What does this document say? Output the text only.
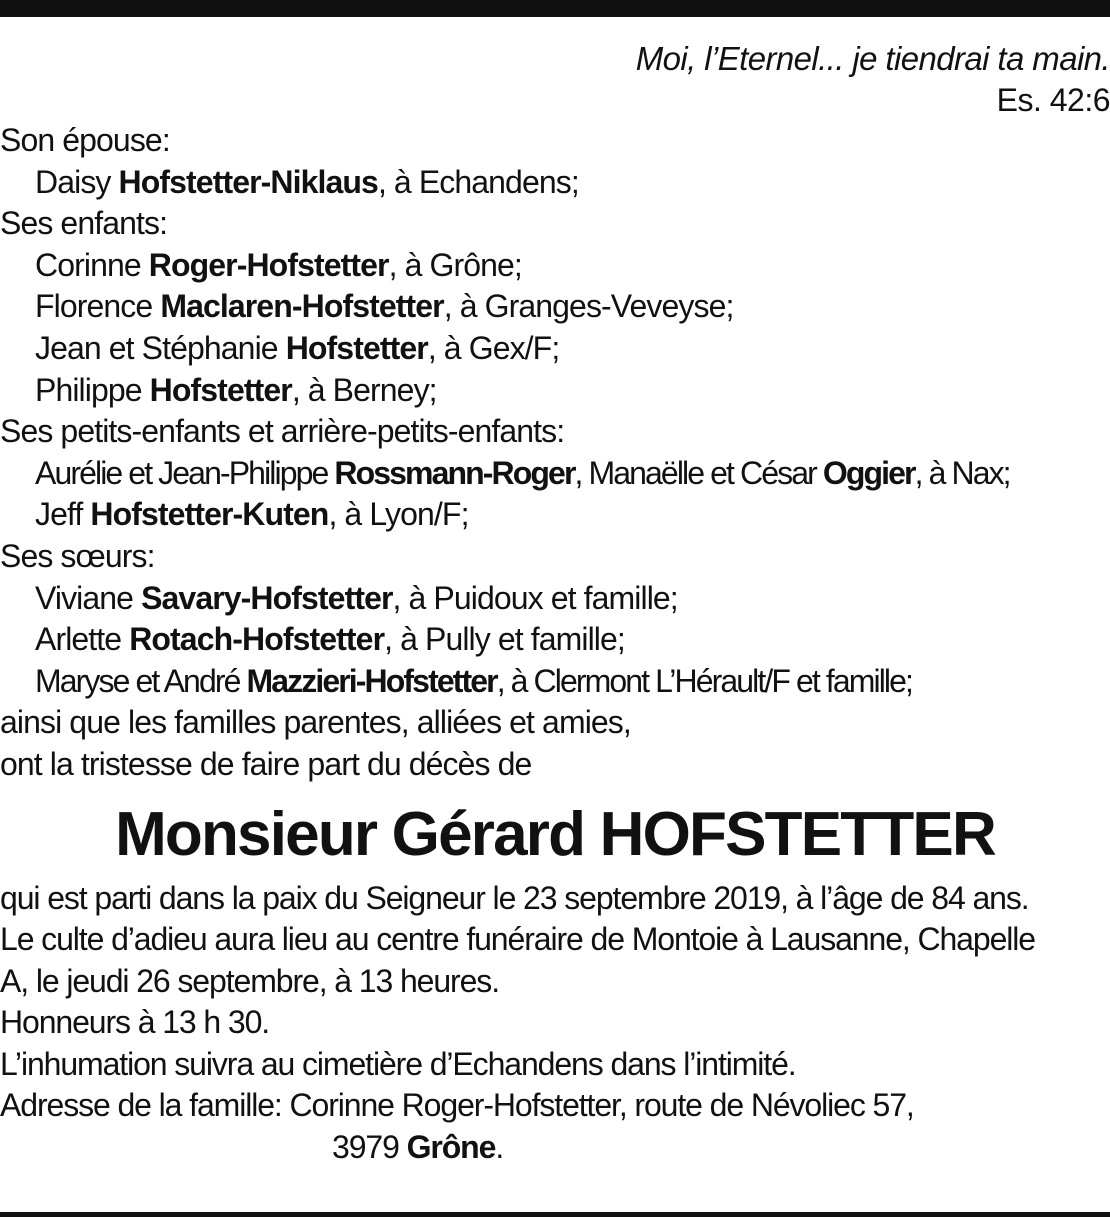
Moi, l’Eternel... je tiendrai ta main.
Es. 42:6
Son épouse:
Daisy Hofstetter-Niklaus, à Echandens;
Ses enfants:
Corinne Roger-Hofstetter, à Grône;
Florence Maclaren-Hofstetter, à Granges-Veveyse;
Jean et Stéphanie Hofstetter, à Gex/F;
Philippe Hofstetter, à Berney;
Ses petits-enfants et arrière-petits-enfants:
Aurélie et Jean-Philippe Rossmann-Roger, Manaëlle et César Oggier, à Nax;
Jeff Hofstetter-Kuten, à Lyon/F;
Ses sœurs:
Viviane Savary-Hofstetter, à Puidoux et famille;
Arlette Rotach-Hofstetter, à Pully et famille;
Maryse et André Mazzieri-Hofstetter, à Clermont L’Hérault/F et famille;
ainsi que les familles parentes, alliées et amies,
ont la tristesse de faire part du décès de
Monsieur Gérard HOFSTETTER
qui est parti dans la paix du Seigneur le 23 septembre 2019, à l’âge de 84 ans.
Le culte d’adieu aura lieu au centre funéraire de Montoie à Lausanne, Chapelle
A, le jeudi 26 septembre, à 13 heures.
Honneurs à 13 h 30.
L’inhumation suivra au cimetière d’Echandens dans l’intimité.
Adresse de la famille: Corinne Roger-Hofstetter, route de Névoliec 57,
3979 Grône.
